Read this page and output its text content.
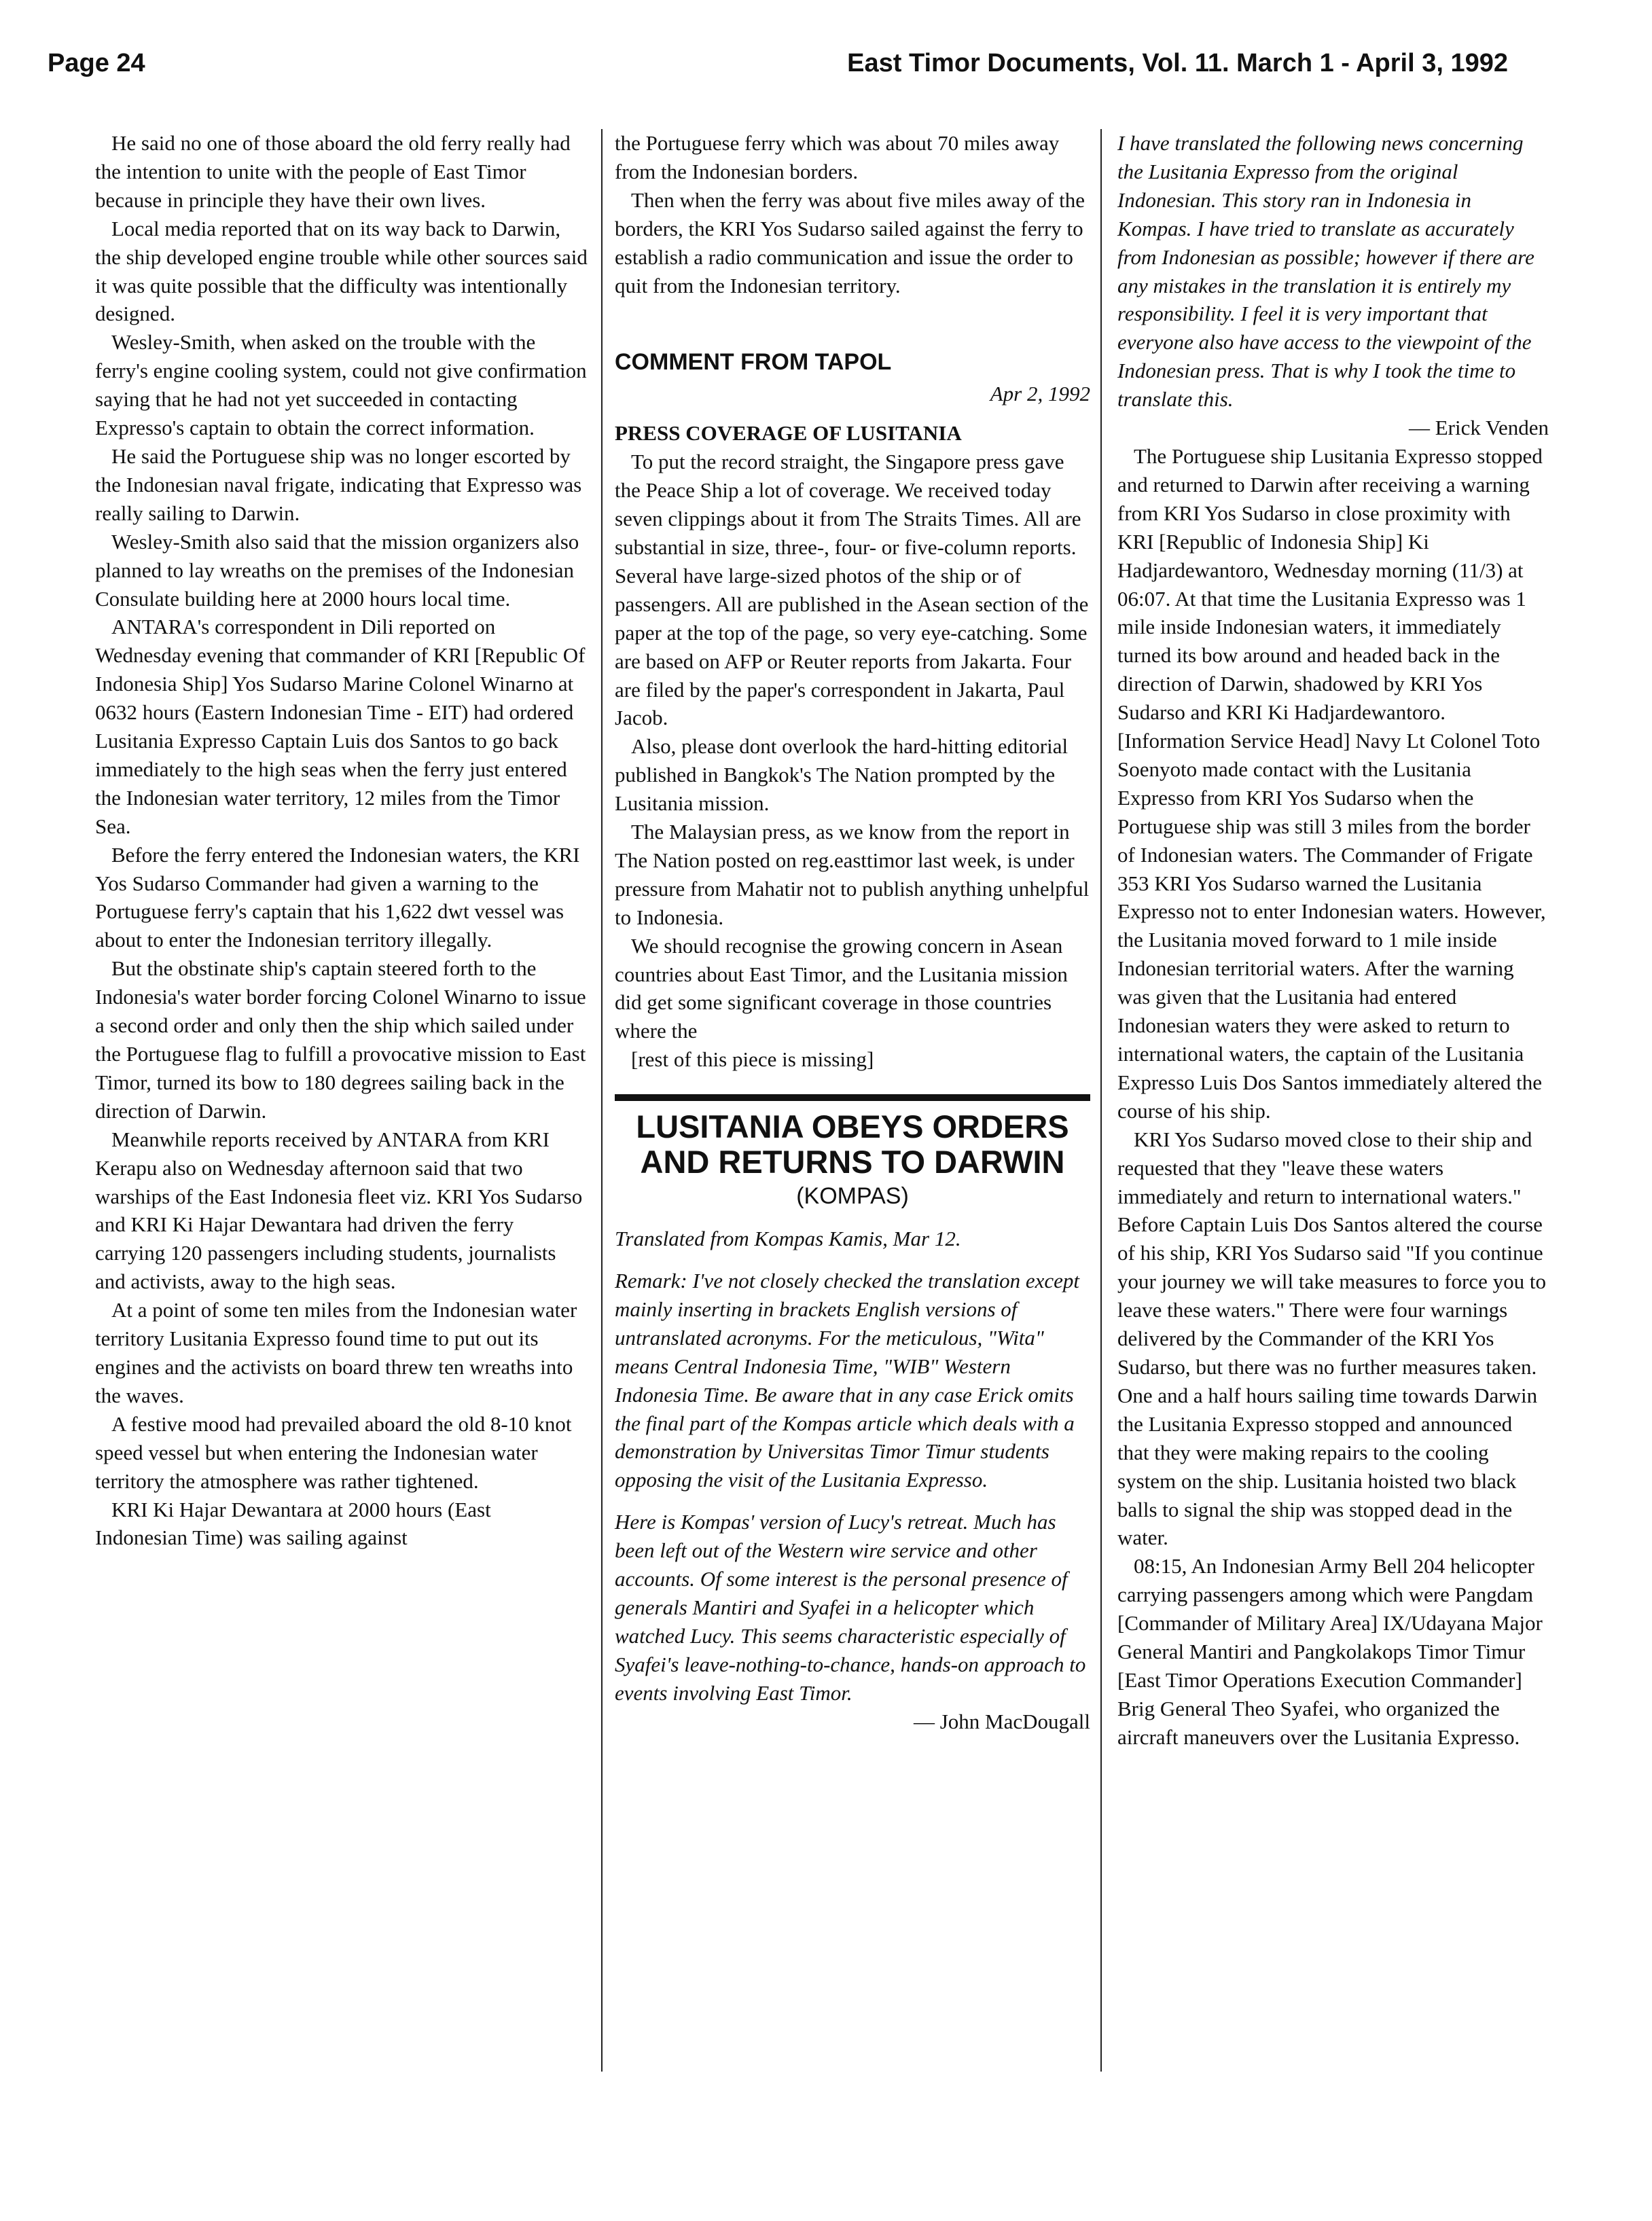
Page 24	East Timor Documents, Vol. 11. March 1 - April 3, 1992

He said no one of those aboard the old ferry really had the intention to unite with the people of East Timor because in principle they have their own lives.

Local media reported that on its way back to Darwin, the ship developed engine trouble while other sources said it was quite possible that the difficulty was intentionally designed.

Wesley-Smith, when asked on the trouble with the ferry's engine cooling system, could not give confirmation saying that he had not yet succeeded in contacting Expresso's captain to obtain the correct information.

He said the Portuguese ship was no longer escorted by the Indonesian naval frigate, indicating that Expresso was really sailing to Darwin.

Wesley-Smith also said that the mission organizers also planned to lay wreaths on the premises of the Indonesian Consulate building here at 2000 hours local time.

ANTARA's correspondent in Dili reported on Wednesday evening that commander of KRI [Republic Of Indonesia Ship] Yos Sudarso Marine Colonel Winarno at 0632 hours (Eastern Indonesian Time - EIT) had ordered Lusitania Expresso Captain Luis dos Santos to go back immediately to the high seas when the ferry just entered the Indonesian water territory, 12 miles from the Timor Sea.

Before the ferry entered the Indonesian waters, the KRI Yos Sudarso Commander had given a warning to the Portuguese ferry's captain that his 1,622 dwt vessel was about to enter the Indonesian territory illegally.

But the obstinate ship's captain steered forth to the Indonesia's water border forcing Colonel Winarno to issue a second order and only then the ship which sailed under the Portuguese flag to fulfill a provocative mission to East Timor, turned its bow to 180 degrees sailing back in the direction of Darwin.

Meanwhile reports received by ANTARA from KRI Kerapu also on Wednesday afternoon said that two warships of the East Indonesia fleet viz. KRI Yos Sudarso and KRI Ki Hajar Dewantara had driven the ferry carrying 120 passengers including students, journalists and activists, away to the high seas.

At a point of some ten miles from the Indonesian water territory Lusitania Expresso found time to put out its engines and the activists on board threw ten wreaths into the waves.

A festive mood had prevailed aboard the old 8-10 knot speed vessel but when entering the Indonesian water territory the atmosphere was rather tightened.

KRI Ki Hajar Dewantara at 2000 hours (East Indonesian Time) was sailing against

the Portuguese ferry which was about 70 miles away from the Indonesian borders.

Then when the ferry was about five miles away of the borders, the KRI Yos Sudarso sailed against the ferry to establish a radio communication and issue the order to quit from the Indonesian territory.

COMMENT FROM TAPOL
Apr 2, 1992
PRESS COVERAGE OF LUSITANIA

To put the record straight, the Singapore press gave the Peace Ship a lot of coverage. We received today seven clippings about it from The Straits Times. All are substantial in size, three-, four- or five-column reports. Several have large-sized photos of the ship or of passengers. All are published in the Asean section of the paper at the top of the page, so very eye-catching. Some are based on AFP or Reuter reports from Jakarta. Four are filed by the paper's correspondent in Jakarta, Paul Jacob.

Also, please dont overlook the hard-hitting editorial published in Bangkok's The Nation prompted by the Lusitania mission.

The Malaysian press, as we know from the report in The Nation posted on reg.easttimor last week, is under pressure from Mahatir not to publish anything unhelpful to Indonesia.

We should recognise the growing concern in Asean countries about East Timor, and the Lusitania mission did get some significant coverage in those countries where the

[rest of this piece is missing]

LUSITANIA OBEYS ORDERS AND RETURNS TO DARWIN
(KOMPAS)

Translated from Kompas Kamis, Mar 12.

Remark: I've not closely checked the translation except mainly inserting in brackets English versions of untranslated acronyms. For the meticulous, "Wita" means Central Indonesia Time, "WIB" Western Indonesia Time. Be aware that in any case Erick omits the final part of the Kompas article which deals with a demonstration by Universitas Timor Timur students opposing the visit of the Lusitania Expresso.

Here is Kompas' version of Lucy's retreat. Much has been left out of the Western wire service and other accounts. Of some interest is the personal presence of generals Mantiri and Syafei in a helicopter which watched Lucy. This seems characteristic especially of Syafei's leave-nothing-to-chance, hands-on approach to events involving East Timor.

— John MacDougall

I have translated the following news concerning the Lusitania Expresso from the original Indonesian. This story ran in Indonesia in Kompas. I have tried to translate as accurately from Indonesian as possible; however if there are any mistakes in the translation it is entirely my responsibility. I feel it is very important that everyone also have access to the viewpoint of the Indonesian press. That is why I took the time to translate this.

— Erick Venden

The Portuguese ship Lusitania Expresso stopped and returned to Darwin after receiving a warning from KRI Yos Sudarso in close proximity with KRI [Republic of Indonesia Ship] Ki Hadjardewantoro, Wednesday morning (11/3) at 06:07. At that time the Lusitania Expresso was 1 mile inside Indonesian waters, it immediately turned its bow around and headed back in the direction of Darwin, shadowed by KRI Yos Sudarso and KRI Ki Hadjardewantoro. [Information Service Head] Navy Lt Colonel Toto Soenyoto made contact with the Lusitania Expresso from KRI Yos Sudarso when the Portuguese ship was still 3 miles from the border of Indonesian waters. The Commander of Frigate 353 KRI Yos Sudarso warned the Lusitania Expresso not to enter Indonesian waters. However, the Lusitania moved forward to 1 mile inside Indonesian territorial waters. After the warning was given that the Lusitania had entered Indonesian waters they were asked to return to international waters, the captain of the Lusitania Expresso Luis Dos Santos immediately altered the course of his ship.

KRI Yos Sudarso moved close to their ship and requested that they "leave these waters immediately and return to international waters." Before Captain Luis Dos Santos altered the course of his ship, KRI Yos Sudarso said "If you continue your journey we will take measures to force you to leave these waters." There were four warnings delivered by the Commander of the KRI Yos Sudarso, but there was no further measures taken. One and a half hours sailing time towards Darwin the Lusitania Expresso stopped and announced that they were making repairs to the cooling system on the ship. Lusitania hoisted two black balls to signal the ship was stopped dead in the water.

08:15, An Indonesian Army Bell 204 helicopter carrying passengers among which were Pangdam [Commander of Military Area] IX/Udayana Major General Mantiri and Pangkolakops Timor Timur [East Timor Operations Execution Commander] Brig General Theo Syafei, who organized the aircraft maneuvers over the Lusitania Expresso.
